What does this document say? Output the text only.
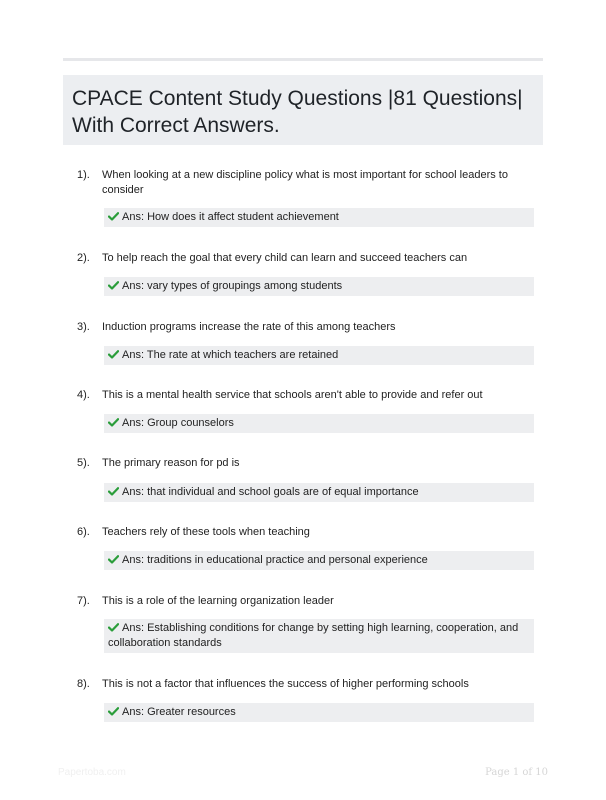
CPACE Content Study Questions |81 Questions| With Correct Answers.
1). When looking at a new discipline policy what is most important for school leaders to consider
Ans: How does it affect student achievement
2). To help reach the goal that every child can learn and succeed teachers can
Ans: vary types of groupings among students
3). Induction programs increase the rate of this among teachers
Ans: The rate at which teachers are retained
4). This is a mental health service that schools aren't able to provide and refer out
Ans: Group counselors
5). The primary reason for pd is
Ans: that individual and school goals are of equal importance
6). Teachers rely of these tools when teaching
Ans: traditions in educational practice and personal experience
7). This is a role of the learning organization leader
Ans: Establishing conditions for change by setting high learning, cooperation, and collaboration standards
8). This is not a factor that influences the success of higher performing schools
Ans: Greater resources
Papertoba.com	Page 1 of 10
